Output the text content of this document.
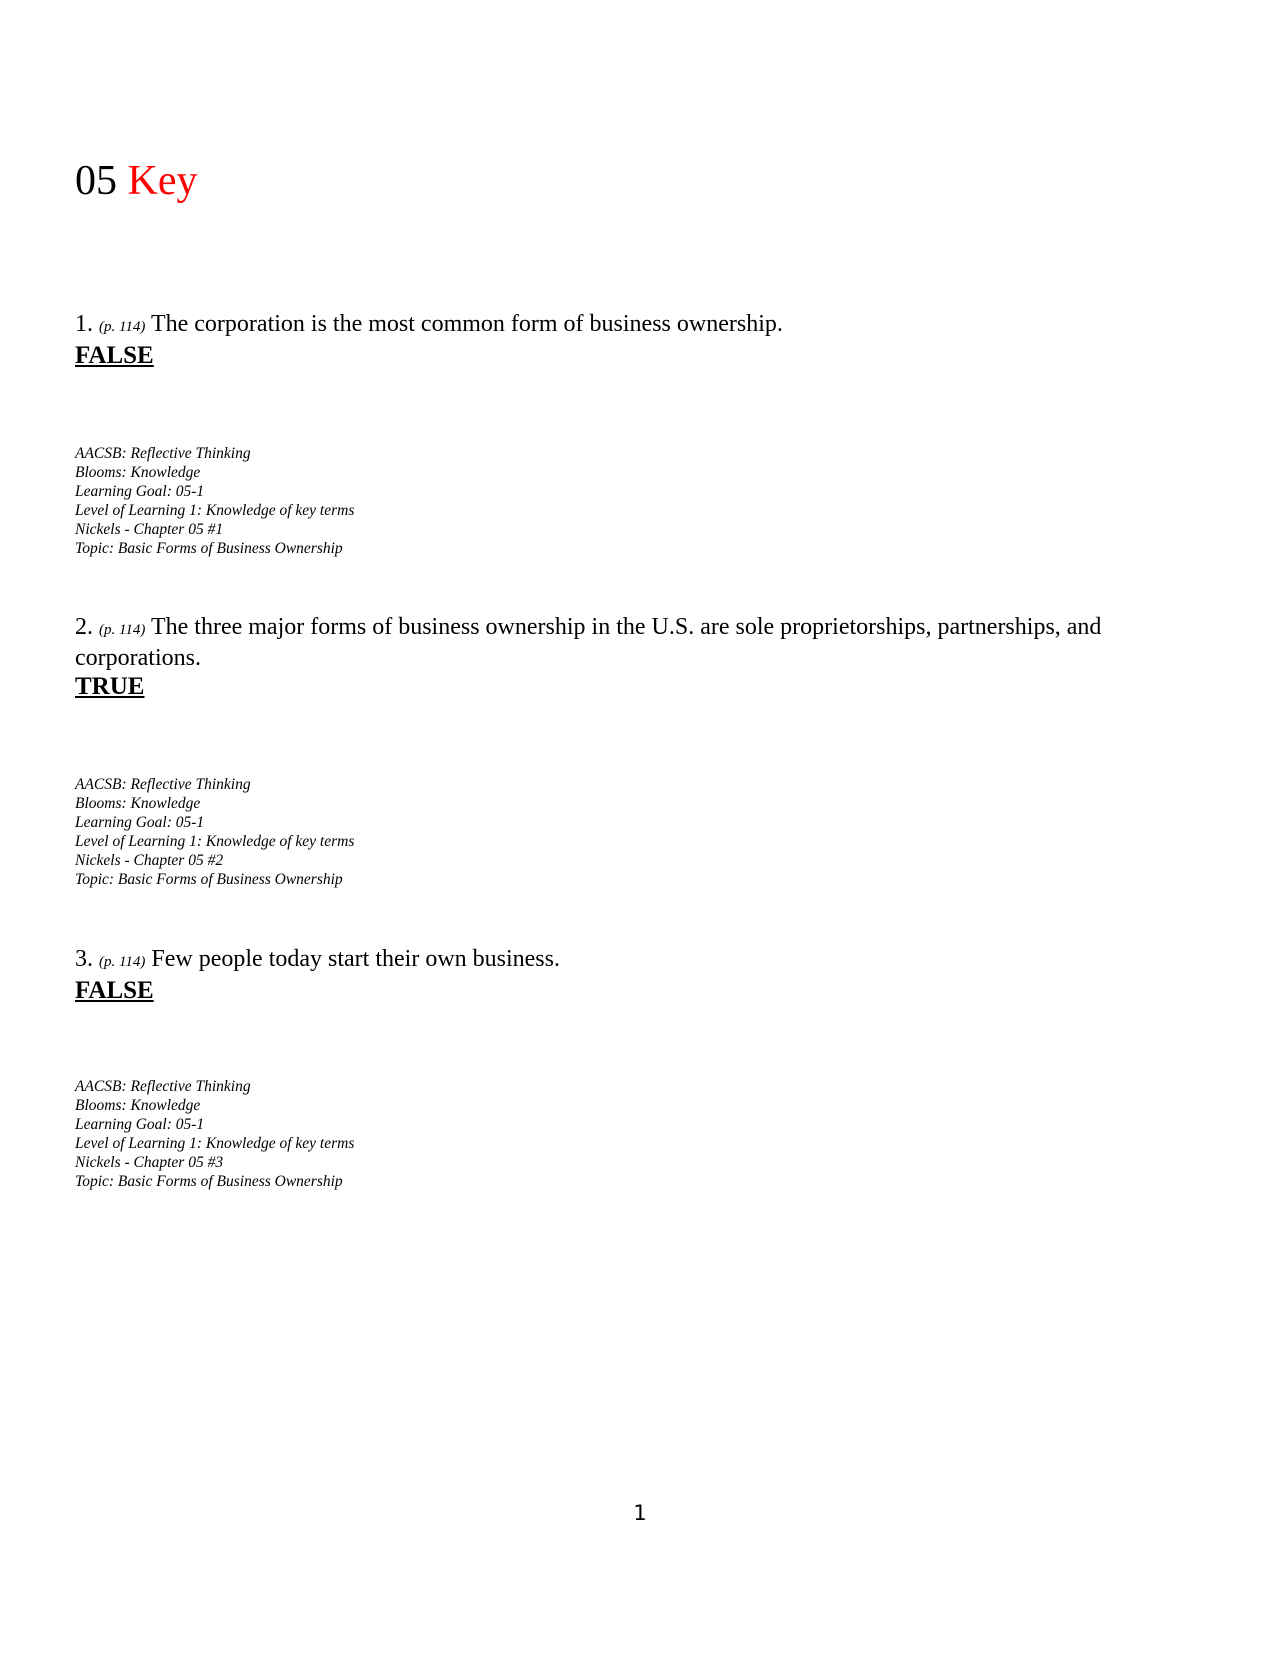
05 Key
1. (p. 114) The corporation is the most common form of business ownership.
FALSE
AACSB: Reflective Thinking
Blooms: Knowledge
Learning Goal: 05-1
Level of Learning 1: Knowledge of key terms
Nickels - Chapter 05 #1
Topic: Basic Forms of Business Ownership
2. (p. 114) The three major forms of business ownership in the U.S. are sole proprietorships, partnerships, and corporations.
TRUE
AACSB: Reflective Thinking
Blooms: Knowledge
Learning Goal: 05-1
Level of Learning 1: Knowledge of key terms
Nickels - Chapter 05 #2
Topic: Basic Forms of Business Ownership
3. (p. 114) Few people today start their own business.
FALSE
AACSB: Reflective Thinking
Blooms: Knowledge
Learning Goal: 05-1
Level of Learning 1: Knowledge of key terms
Nickels - Chapter 05 #3
Topic: Basic Forms of Business Ownership
1
